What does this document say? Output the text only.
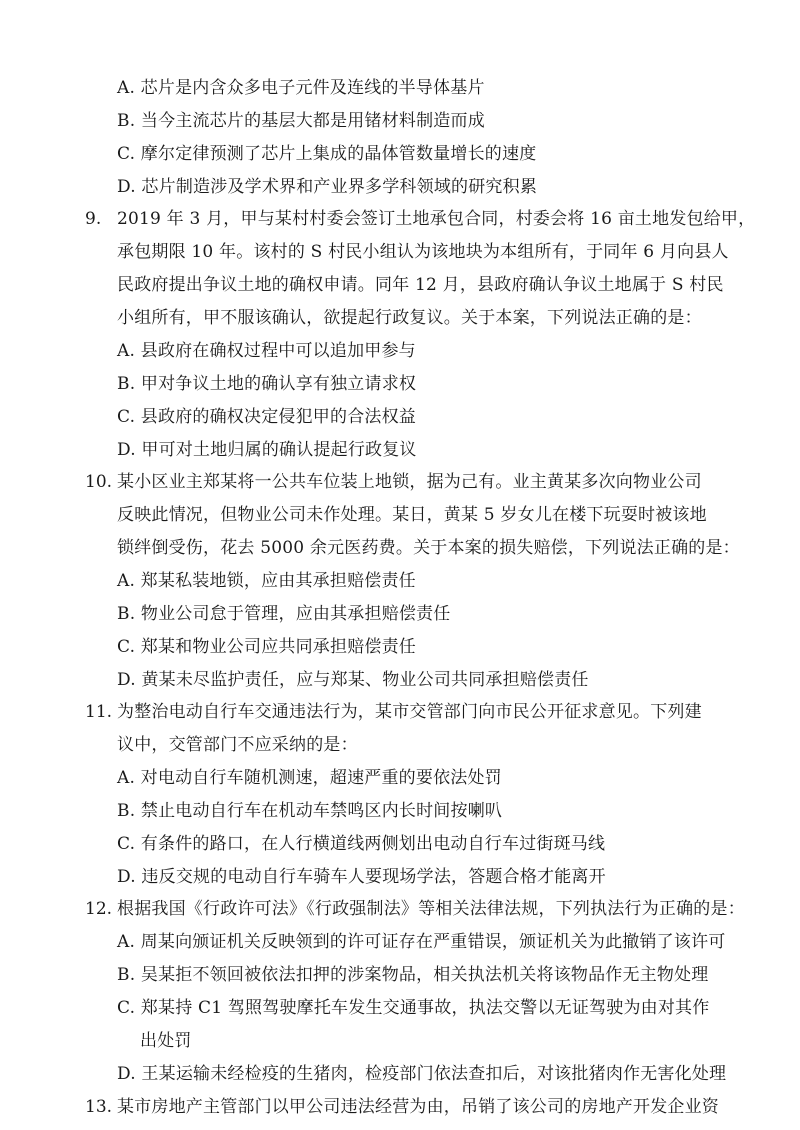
A. 芯片是内含众多电子元件及连线的半导体基片
B. 当今主流芯片的基层大都是用锗材料制造而成
C. 摩尔定律预测了芯片上集成的晶体管数量增长的速度
D. 芯片制造涉及学术界和产业界多学科领域的研究积累
9. 2019 年 3 月，甲与某村村委会签订土地承包合同，村委会将 16 亩土地发包给甲，
承包期限 10 年。该村的 S 村民小组认为该地块为本组所有，于同年 6 月向县人
民政府提出争议土地的确权申请。同年 12 月，县政府确认争议土地属于 S 村民
小组所有，甲不服该确认，欲提起行政复议。关于本案，下列说法正确的是：
A. 县政府在确权过程中可以追加甲参与
B. 甲对争议土地的确认享有独立请求权
C. 县政府的确权决定侵犯甲的合法权益
D. 甲可对土地归属的确认提起行政复议
10. 某小区业主郑某将一公共车位装上地锁，据为己有。业主黄某多次向物业公司
反映此情况，但物业公司未作处理。某日，黄某 5 岁女儿在楼下玩耍时被该地
锁绊倒受伤，花去 5000 余元医药费。关于本案的损失赔偿，下列说法正确的是：
A. 郑某私装地锁，应由其承担赔偿责任
B. 物业公司怠于管理，应由其承担赔偿责任
C. 郑某和物业公司应共同承担赔偿责任
D. 黄某未尽监护责任，应与郑某、物业公司共同承担赔偿责任
11. 为整治电动自行车交通违法行为，某市交管部门向市民公开征求意见。下列建
议中，交管部门不应采纳的是：
A. 对电动自行车随机测速，超速严重的要依法处罚
B. 禁止电动自行车在机动车禁鸣区内长时间按喇叭
C. 有条件的路口，在人行横道线两侧划出电动自行车过街斑马线
D. 违反交规的电动自行车骑车人要现场学法，答题合格才能离开
12. 根据我国《行政许可法》《行政强制法》等相关法律法规，下列执法行为正确的是：
A. 周某向颁证机关反映领到的许可证存在严重错误，颁证机关为此撤销了该许可
B. 吴某拒不领回被依法扣押的涉案物品，相关执法机关将该物品作无主物处理
C. 郑某持 C1 驾照驾驶摩托车发生交通事故，执法交警以无证驾驶为由对其作
出处罚
D. 王某运输未经检疫的生猪肉，检疫部门依法查扣后，对该批猪肉作无害化处理
13. 某市房地产主管部门以甲公司违法经营为由，吊销了该公司的房地产开发企业资
